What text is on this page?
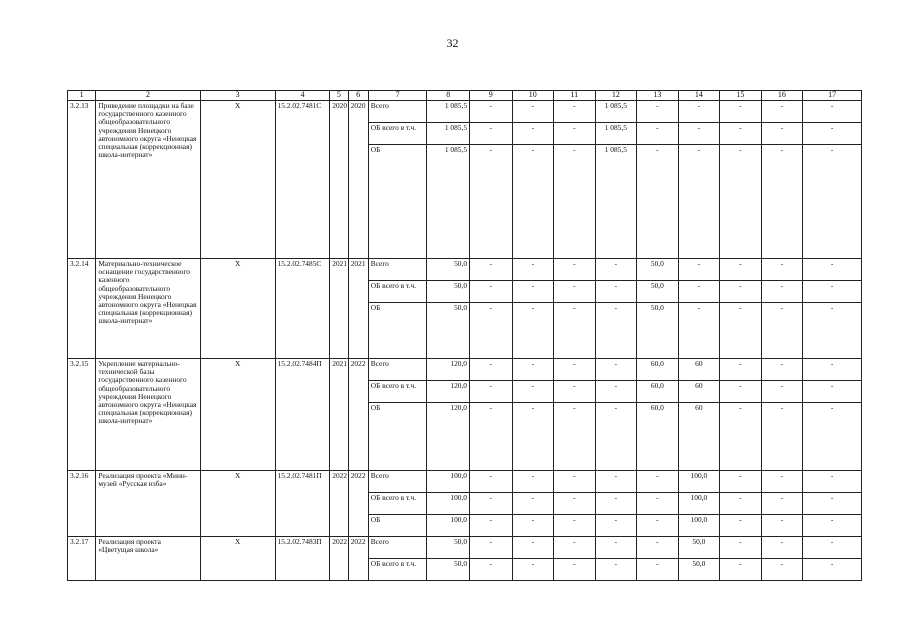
32
1	2	3	4	5	6	7	8	9	10	11	12	13	14	15	16	17
3.2.13	Приведение площадки на базе государственного казенного общеобразовательного учреждения Ненецкого автономного округа «Ненецкая специальная (коррекционная) школа-интернат»	X	15.2.02.7481С	2020	2020	Всего	1 085,5	-	-	-	1 085,5	-	-	-	-	-
						ОБ всего в т.ч.	1 085,5	-	-	-	1 085,5	-	-	-	-	-
						ОБ	1 085,5	-	-	-	1 085,5	-	-	-	-	-
3.2.14	Материально-техническое оснащение государственного казенного общеобразовательного учреждения Ненецкого автономного округа «Ненецкая специальная (коррекционная) школа-интернат»	X	15.2.02.7485С	2021	2021	Всего	50,0	-	-	-	-	50,0	-	-	-	-
						ОБ всего в т.ч.	50,0	-	-	-	-	50,0	-	-	-	-
						ОБ	50,0	-	-	-	-	50,0	-	-	-	-
3.2.15	Укрепление материально-технической базы государственного казенного общеобразовательного учреждения Ненецкого автономного округа «Ненецкая специальная (коррекционная) школа-интернат»	X	15.2.02.7484П	2021	2022	Всего	120,0	-	-	-	-	60,0	60	-	-	-
						ОБ всего в т.ч.	120,0	-	-	-	-	60,0	60	-	-	-
						ОБ	120,0	-	-	-	-	60,0	60	-	-	-
3.2.16	Реализация проекта «Мини-музей «Русская изба»	X	15.2.02.7481П	2022	2022	Всего	100,0	-	-	-	-	-	100,0	-	-	-
						ОБ всего в т.ч.	100,0	-	-	-	-	-	100,0	-	-	-
						ОБ	100,0	-	-	-	-	-	100,0	-	-	-
3.2.17	Реализация проекта «Цветущая школа»	X	15.2.02.7483П	2022	2022	Всего	50,0	-	-	-	-	-	50,0	-	-	-
						ОБ всего в т.ч.	50,0	-	-	-	-	-	50,0	-	-	-
